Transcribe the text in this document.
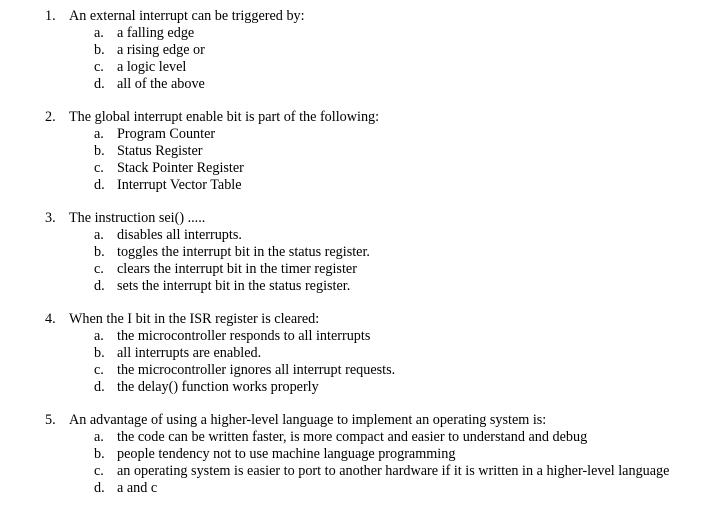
1. An external interrupt can be triggered by:
a. a falling edge
b. a rising edge or
c. a logic level
d. all of the above
2. The global interrupt enable bit is part of the following:
a. Program Counter
b. Status Register
c. Stack Pointer Register
d. Interrupt Vector Table
3. The instruction sei() .....
a. disables all interrupts.
b. toggles the interrupt bit in the status register.
c. clears the interrupt bit in the timer register
d. sets the interrupt bit in the status register.
4. When the I bit in the ISR register is cleared:
a. the microcontroller responds to all interrupts
b. all interrupts are enabled.
c. the microcontroller ignores all interrupt requests.
d. the delay() function works properly
5. An advantage of using a higher-level language to implement an operating system is:
a. the code can be written faster, is more compact and easier to understand and debug
b. people tendency not to use machine language programming
c. an operating system is easier to port to another hardware if it is written in a higher-level language
d. a and c
